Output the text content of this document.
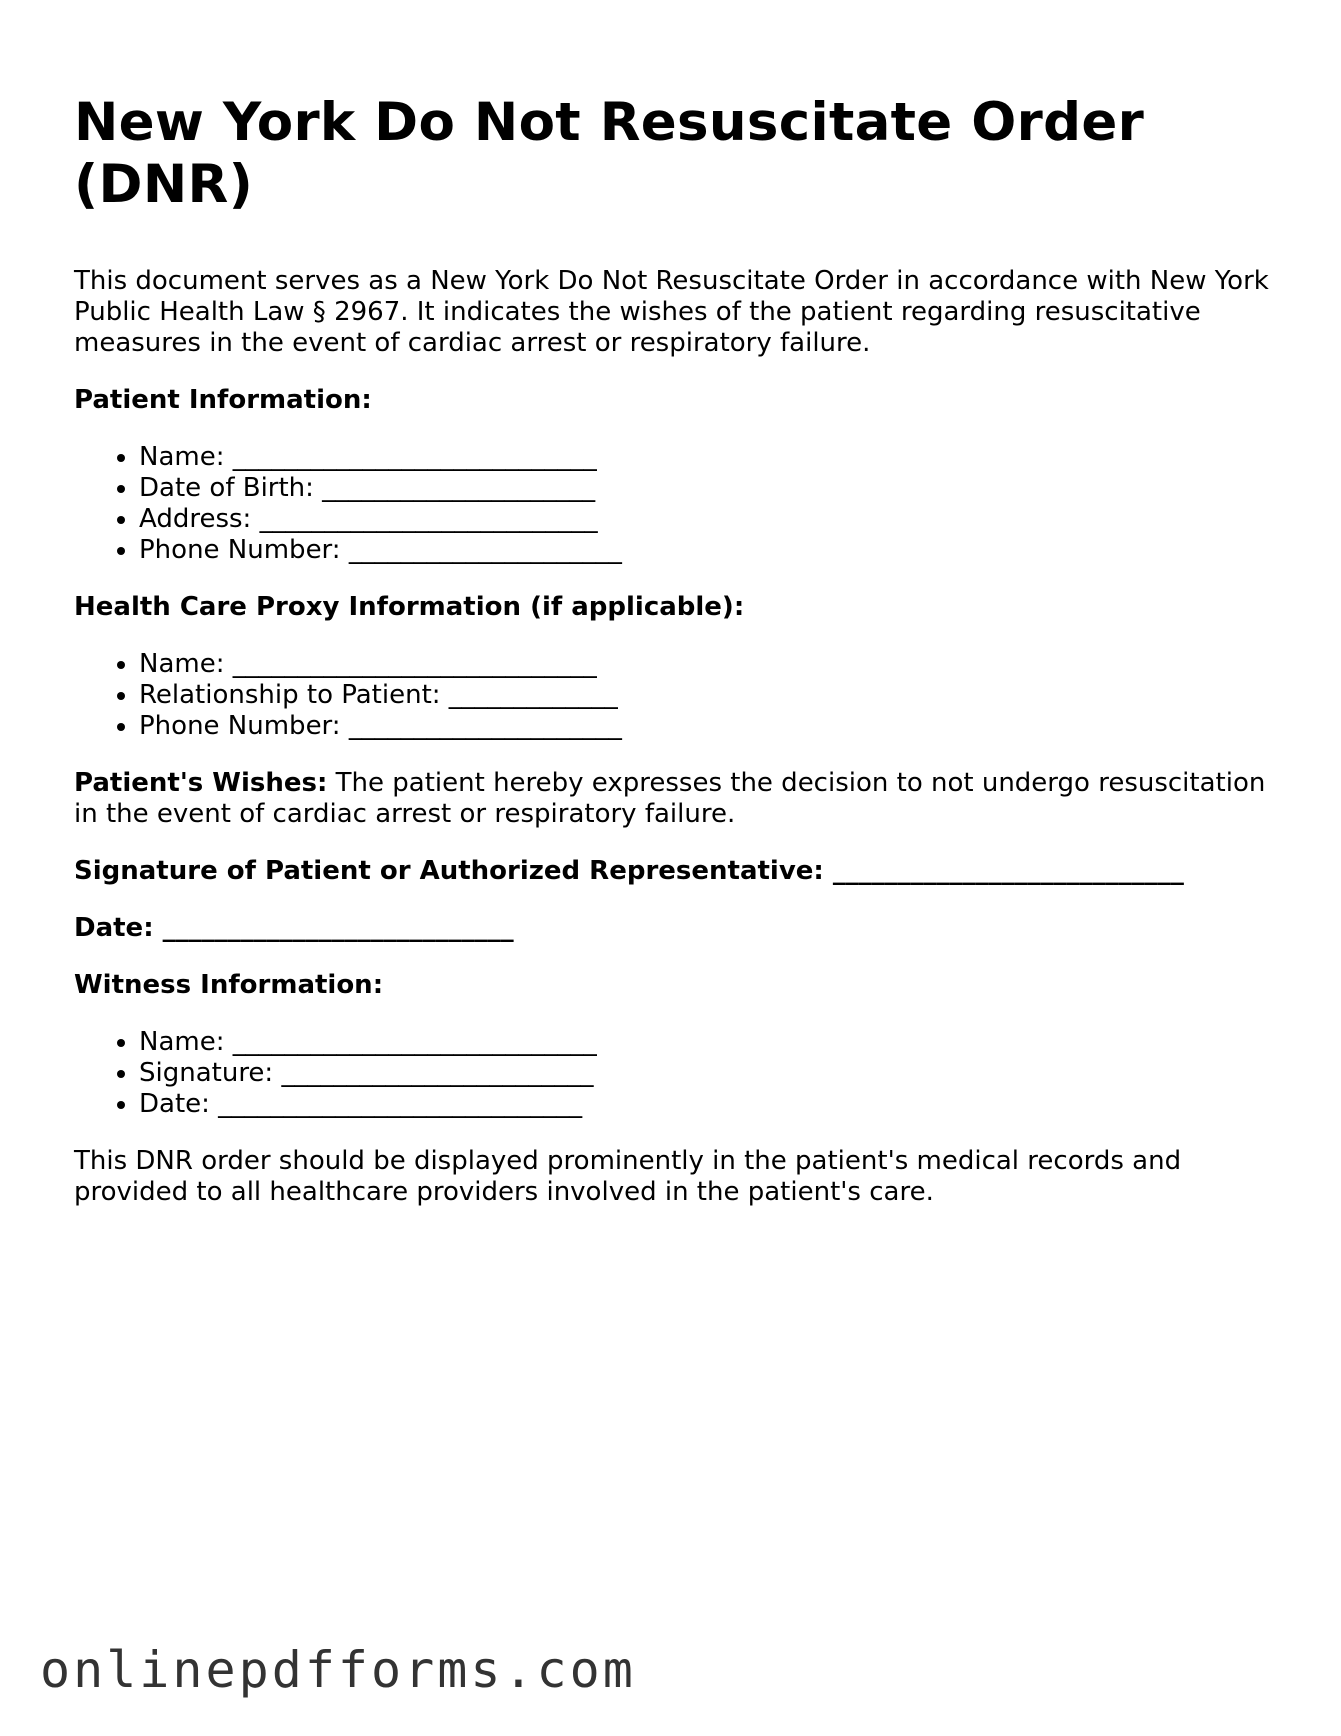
New York Do Not Resuscitate Order (DNR)

This document serves as a New York Do Not Resuscitate Order in accordance with New York Public Health Law § 2967. It indicates the wishes of the patient regarding resuscitative measures in the event of cardiac arrest or respiratory failure.

Patient Information:
• Name: ____________________________
• Date of Birth: _____________________
• Address: __________________________
• Phone Number: _____________________
Health Care Proxy Information (if applicable):
• Name: ____________________________
• Relationship to Patient: _____________
• Phone Number: _____________________

Patient's Wishes: The patient hereby expresses the decision to not undergo resuscitation in the event of cardiac arrest or respiratory failure.

Signature of Patient or Authorized Representative: ___________________________

Date: ___________________________

Witness Information:
• Name: ____________________________
• Signature: ________________________
• Date: ____________________________

This DNR order should be displayed prominently in the patient's medical records and provided to all healthcare providers involved in the patient's care.

onlinepdfforms.com
